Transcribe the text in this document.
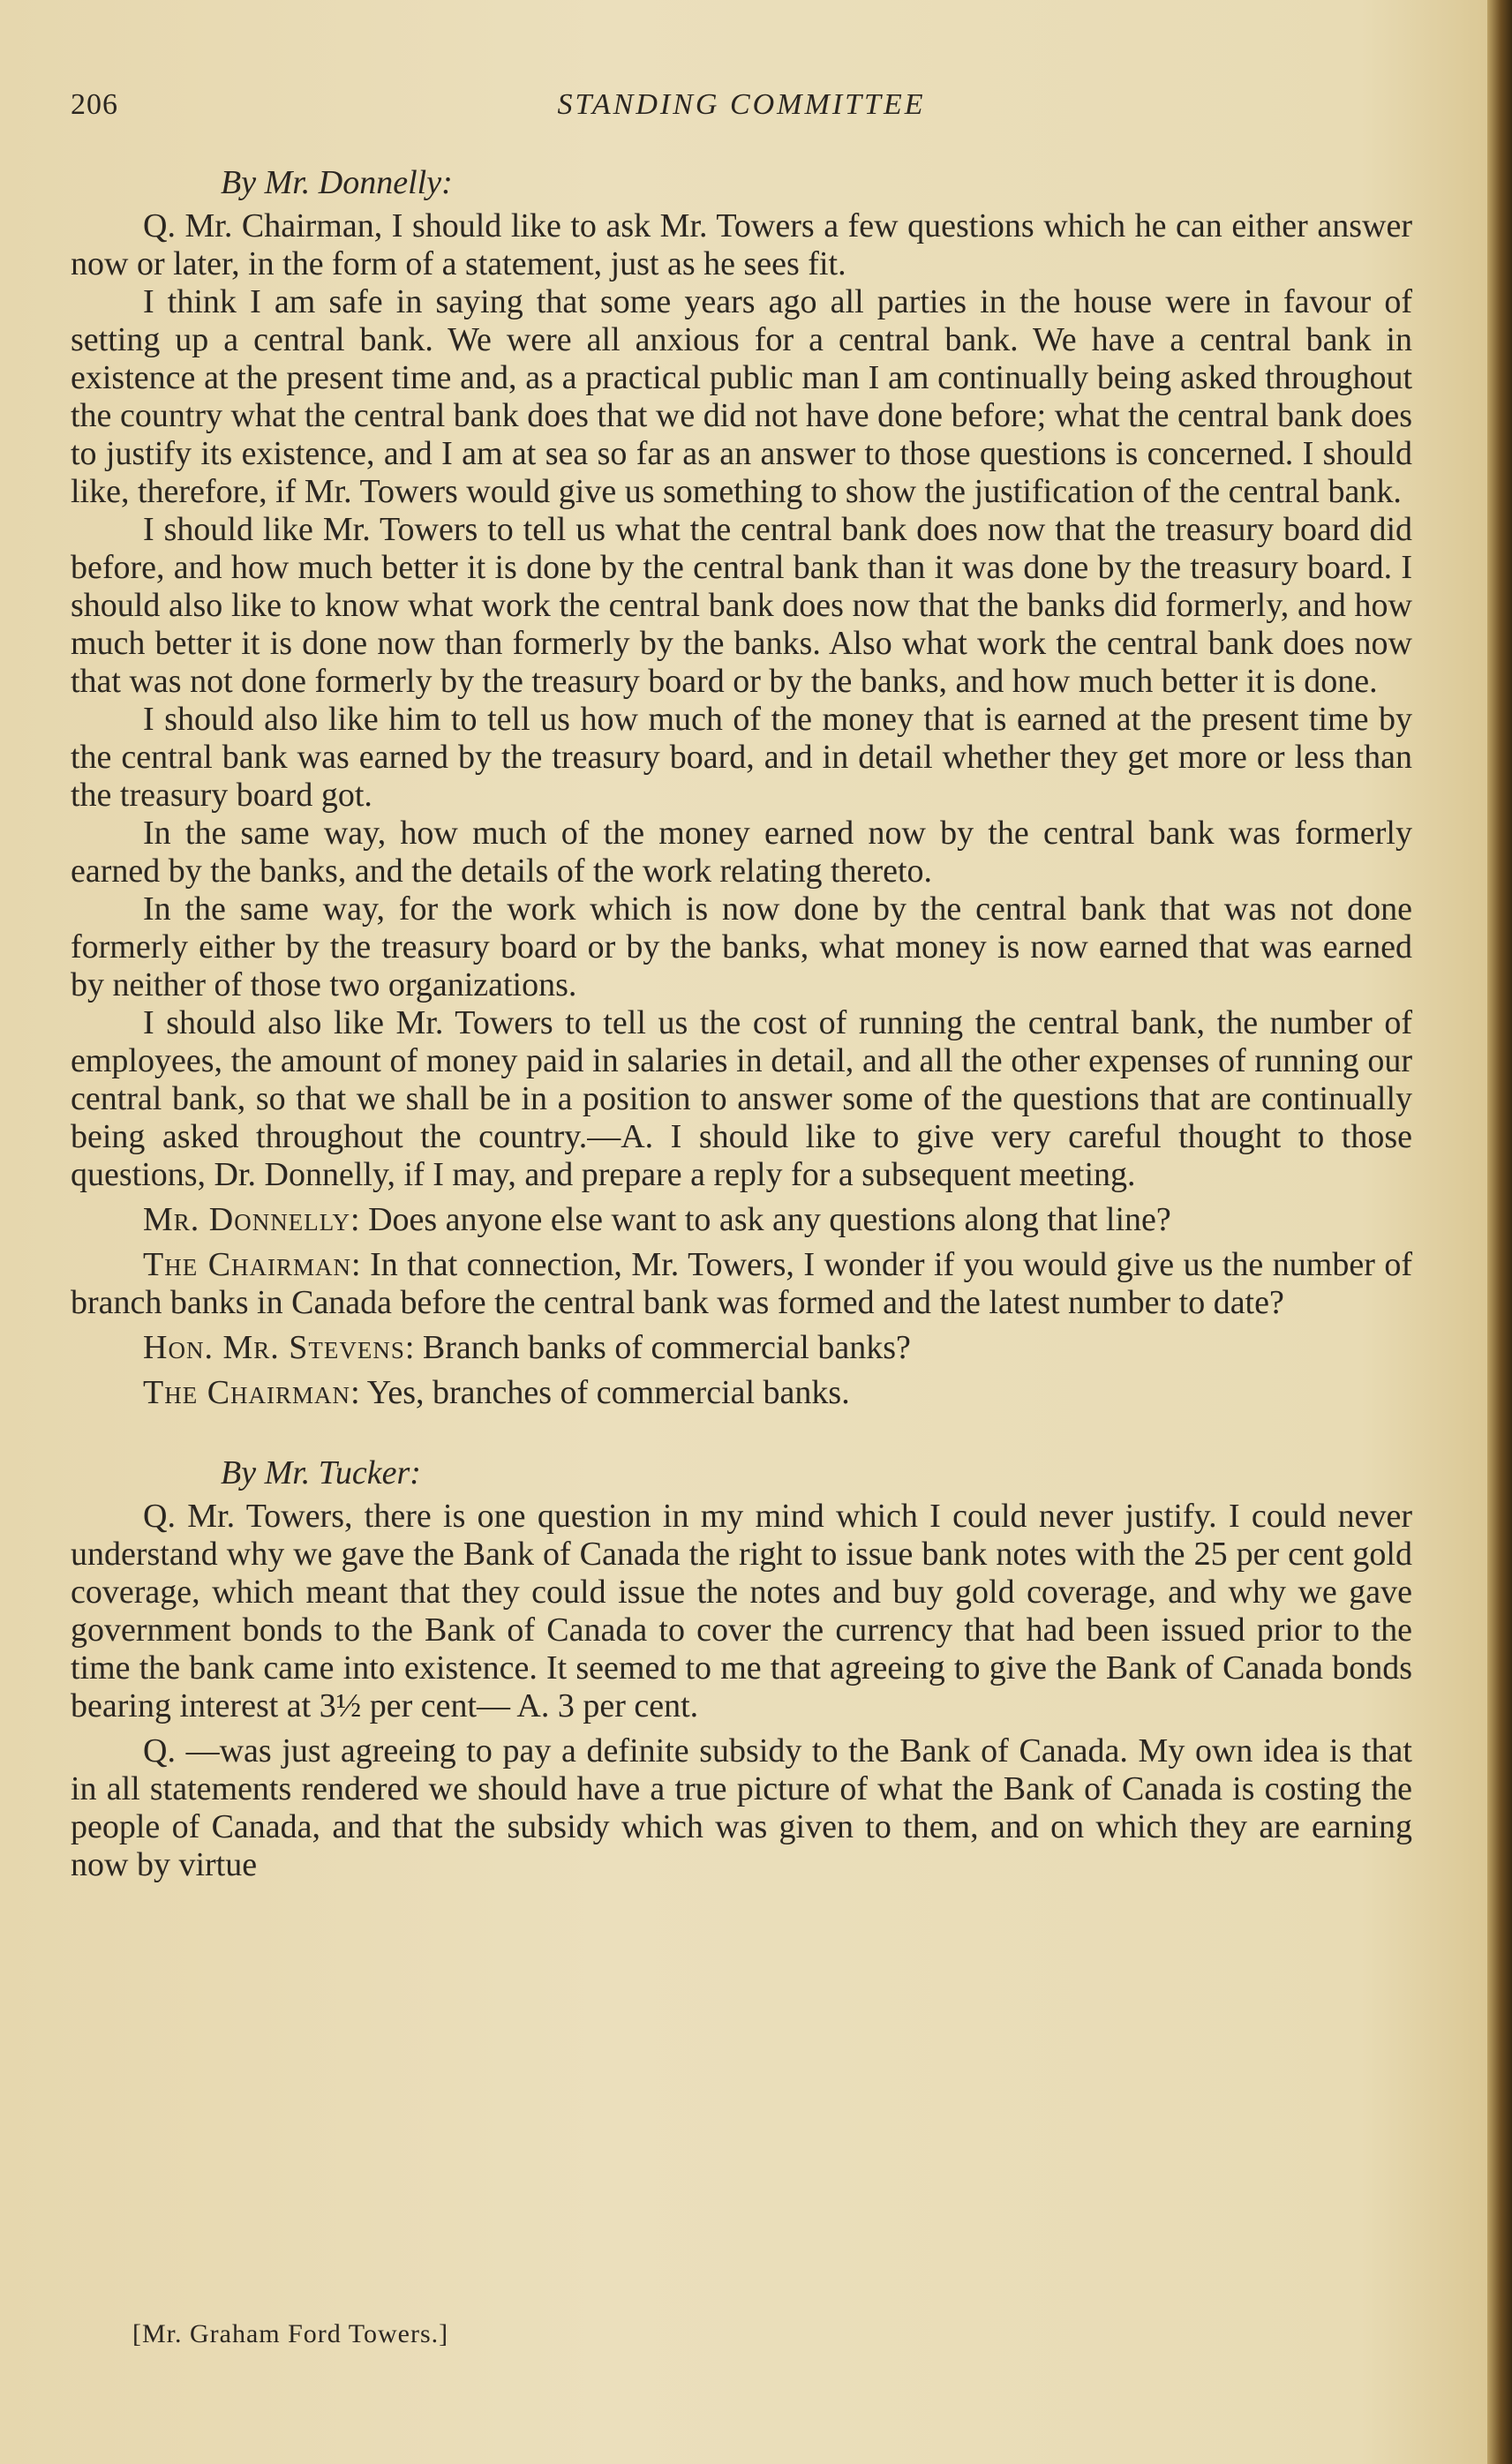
206	STANDING COMMITTEE
By Mr. Donnelly:

Q. Mr. Chairman, I should like to ask Mr. Towers a few questions which he can either answer now or later, in the form of a statement, just as he sees fit.

I think I am safe in saying that some years ago all parties in the house were in favour of setting up a central bank. We were all anxious for a central bank. We have a central bank in existence at the present time and, as a practical public man I am continually being asked throughout the country what the central bank does that we did not have done before; what the central bank does to justify its existence, and I am at sea so far as an answer to those questions is concerned. I should like, therefore, if Mr. Towers would give us something to show the justification of the central bank.

I should like Mr. Towers to tell us what the central bank does now that the treasury board did before, and how much better it is done by the central bank than it was done by the treasury board. I should also like to know what work the central bank does now that the banks did formerly, and how much better it is done now than formerly by the banks. Also what work the central bank does now that was not done formerly by the treasury board or by the banks, and how much better it is done.

I should also like him to tell us how much of the money that is earned at the present time by the central bank was earned by the treasury board, and in detail whether they get more or less than the treasury board got.

In the same way, how much of the money earned now by the central bank was formerly earned by the banks, and the details of the work relating thereto.

In the same way, for the work which is now done by the central bank that was not done formerly either by the treasury board or by the banks, what money is now earned that was earned by neither of those two organizations.

I should also like Mr. Towers to tell us the cost of running the central bank, the number of employees, the amount of money paid in salaries in detail, and all the other expenses of running our central bank, so that we shall be in a position to answer some of the questions that are continually being asked throughout the country.—A. I should like to give very careful thought to those questions, Dr. Donnelly, if I may, and prepare a reply for a subsequent meeting.

Mr. Donnelly: Does anyone else want to ask any questions along that line?

The Chairman: In that connection, Mr. Towers, I wonder if you would give us the number of branch banks in Canada before the central bank was formed and the latest number to date?

Hon. Mr. Stevens: Branch banks of commercial banks?

The Chairman: Yes, branches of commercial banks.

By Mr. Tucker:

Q. Mr. Towers, there is one question in my mind which I could never justify. I could never understand why we gave the Bank of Canada the right to issue bank notes with the 25 per cent gold coverage, which meant that they could issue the notes and buy gold coverage, and why we gave government bonds to the Bank of Canada to cover the currency that had been issued prior to the time the bank came into existence. It seemed to me that agreeing to give the Bank of Canada bonds bearing interest at 3½ per cent— A. 3 per cent.

Q. —was just agreeing to pay a definite subsidy to the Bank of Canada. My own idea is that in all statements rendered we should have a true picture of what the Bank of Canada is costing the people of Canada, and that the subsidy which was given to them, and on which they are earning now by virtue

[Mr. Graham Ford Towers.]
